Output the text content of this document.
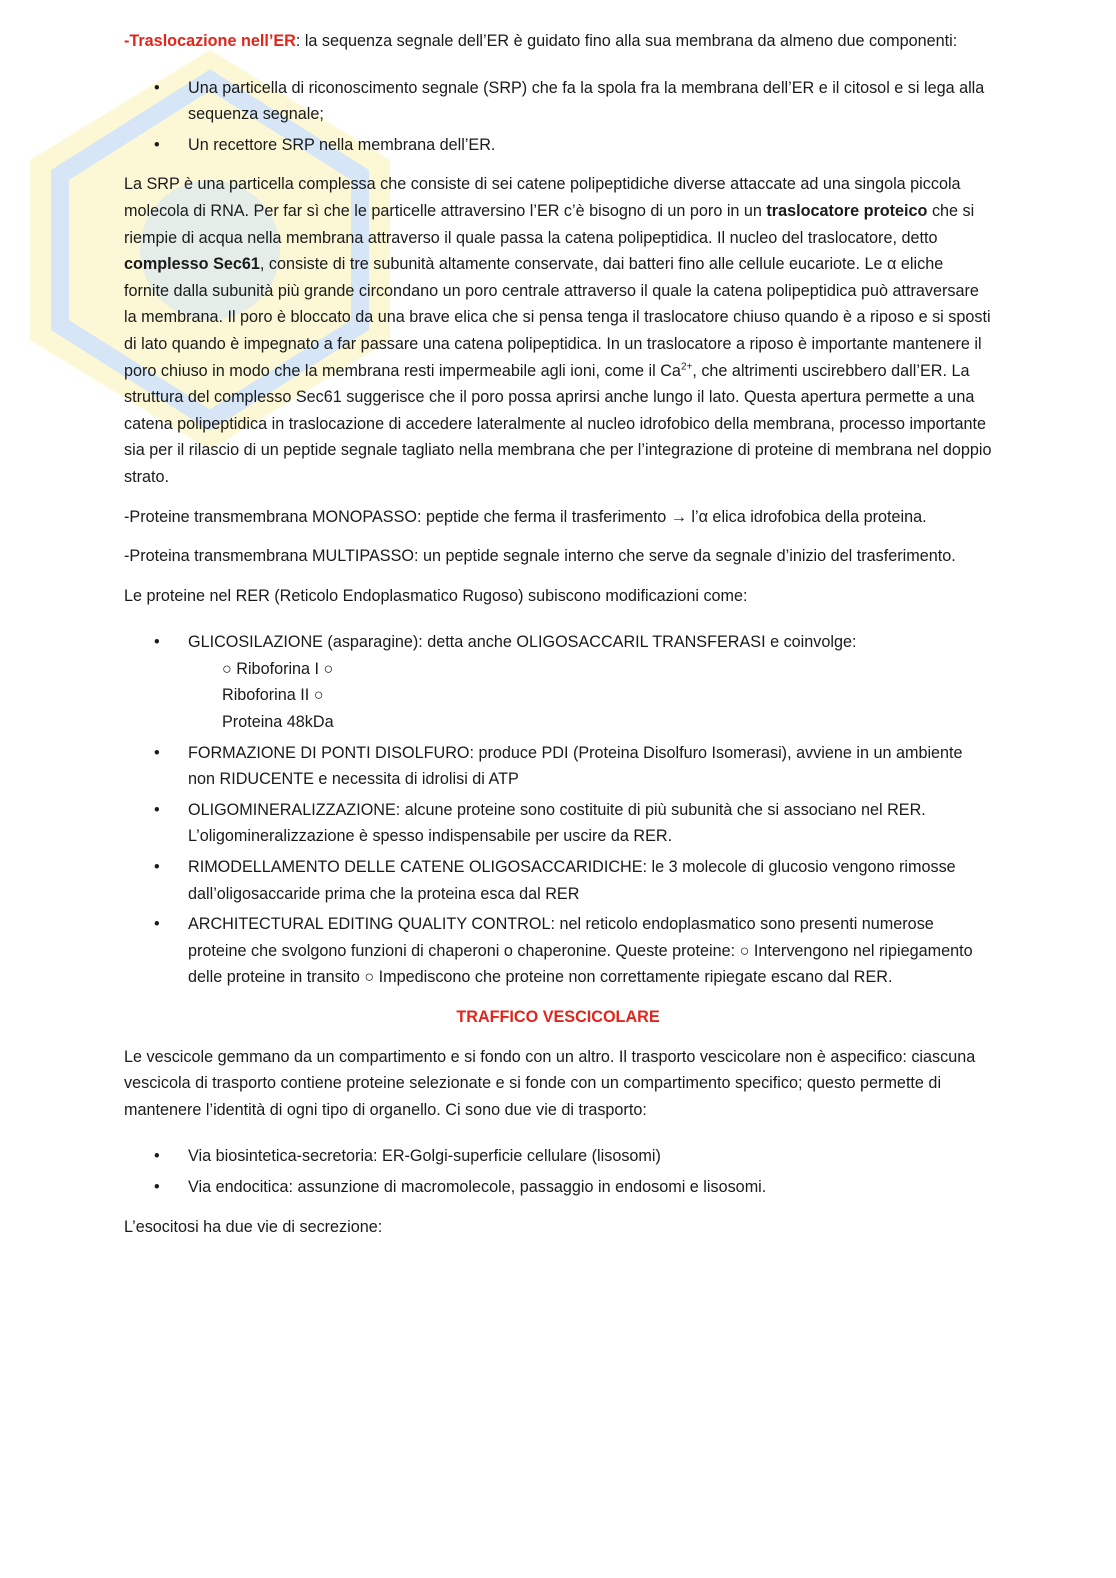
-Traslocazione nell’ER: la sequenza segnale dell’ER è guidato fino alla sua membrana da almeno due componenti:

• Una particella di riconoscimento segnale (SRP) che fa la spola fra la membrana dell’ER e il citosol e si lega alla sequenza segnale;
• Un recettore SRP nella membrana dell’ER.

La SRP è una particella complessa che consiste di sei catene polipeptidiche diverse attaccate ad una singola piccola molecola di RNA. Per far sì che le particelle attraversino l’ER c’è bisogno di un poro in un traslocatore proteico che si riempie di acqua nella membrana attraverso il quale passa la catena polipeptidica. Il nucleo del traslocatore, detto complesso Sec61, consiste di tre subunità altamente conservate, dai batteri fino alle cellule eucariote. Le α eliche fornite dalla subunità più grande circondano un poro centrale attraverso il quale la catena polipeptidica può attraversare la membrana. Il poro è bloccato da una brave elica che si pensa tenga il traslocatore chiuso quando è a riposo e si sposti di lato quando è impegnato a far passare una catena polipeptidica. In un traslocatore a riposo è importante mantenere il poro chiuso in modo che la membrana resti impermeabile agli ioni, come il $Ca^{2+}$, che altrimenti uscirebbero dall’ER. La struttura del complesso Sec61 suggerisce che il poro possa aprirsi anche lungo il lato. Questa apertura permette a una catena polipeptidica in traslocazione di accedere lateralmente al nucleo idrofobico della membrana, processo importante sia per il rilascio di un peptide segnale tagliato nella membrana che per l’integrazione di proteine di membrana nel doppio strato.

-Proteine transmembrana MONOPASSO: peptide che ferma il trasferimento → l’α elica idrofobica della proteina.

-Proteina transmembrana MULTIPASSO: un peptide segnale interno che serve da segnale d’inizio del trasferimento.

Le proteine nel RER (Reticolo Endoplasmatico Rugoso) subiscono modificazioni come:

• GLICOSILAZIONE (asparagine): detta anche OLIGOSACCARIL TRANSFERASI e coinvolge:
○ Riboforina I ○
Riboforina II ○
Proteina 48kDa
• FORMAZIONE DI PONTI DISOLFURO: produce PDI (Proteina Disolfuro Isomerasi), avviene in un ambiente non RIDUCENTE e necessita di idrolisi di ATP
• OLIGOMINERALIZZAZIONE: alcune proteine sono costituite di più subunità che si associano nel RER. L’oligomineralizzazione è spesso indispensabile per uscire da RER.
• RIMODELLAMENTO DELLE CATENE OLIGOSACCARIDICHE: le 3 molecole di glucosio vengono rimosse dall’oligosaccaride prima che la proteina esca dal RER
• ARCHITECTURAL EDITING QUALITY CONTROL: nel reticolo endoplasmatico sono presenti numerose proteine che svolgono funzioni di chaperoni o chaperonine. Queste proteine: ○ Intervengono nel ripiegamento delle proteine in transito ○ Impediscono che proteine non correttamente ripiegate escano dal RER.

TRAFFICO VESCICOLARE

Le vescicole gemmano da un compartimento e si fondo con un altro. Il trasporto vescicolare non è aspecifico: ciascuna vescicola di trasporto contiene proteine selezionate e si fonde con un compartimento specifico; questo permette di mantenere l’identità di ogni tipo di organello. Ci sono due vie di trasporto:

• Via biosintetica-secretoria: ER-Golgi-superficie cellulare (lisosomi)
• Via endocitica: assunzione di macromolecole, passaggio in endosomi e lisosomi.

L’esocitosi ha due vie di secrezione:
